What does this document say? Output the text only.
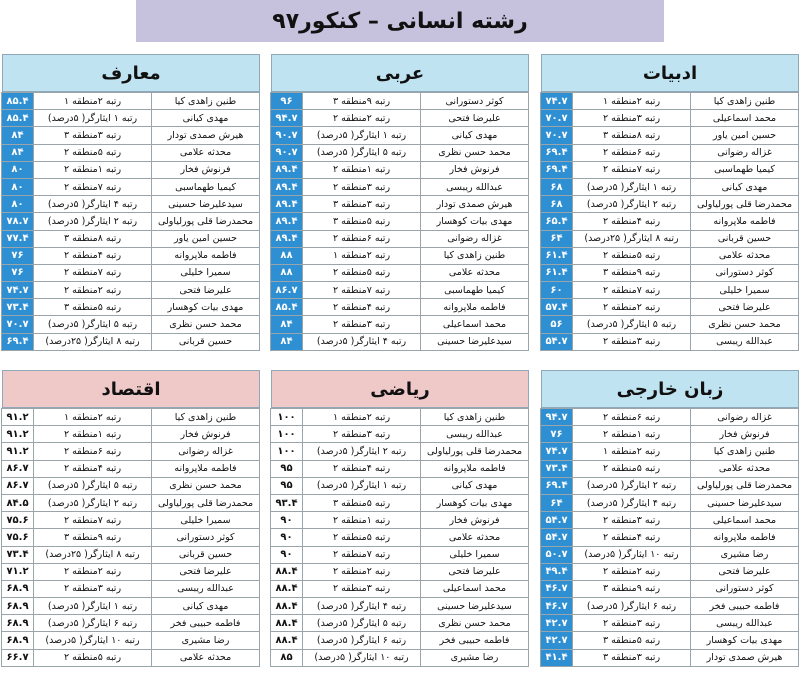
رشته انسانی – کنکور۹۷
ادبیات
طنین زاهدی کیا	رتبه ۲منطقه ۱	۷۴.۷
محمد اسماعیلی	رتبه ۳منطقه ۲	۷۰.۷
حسین امین یاور	رتبه ۸منطقه ۳	۷۰.۷
غزاله رضوانی	رتبه ۶منطقه ۲	۶۹.۴
کیمیا طهماسبی	رتبه ۷منطقه ۲	۶۹.۴
مهدی کیانی	رتبه ۱ ایثارگر( ۵درصد)	۶۸
محمدرضا قلی پورلیاولی	رتبه ۲ ایثارگر( ۵درصد)	۶۸
فاطمه ملاپروانه	رتبه ۴منطقه ۲	۶۵.۴
حسین قربانی	رتبه ۸ ایثارگر( ۲۵درصد)	۶۴
محدثه علامی	رتبه ۵منطقه ۲	۶۱.۴
کوثر دستورانی	رتبه ۹منطقه ۳	۶۱.۴
سمیرا خلیلی	رتبه ۷منطقه ۲	۶۰
علیرضا فتحی	رتبه ۲منطقه ۲	۵۷.۴
محمد حسن نظری	رتبه ۵ ایثارگر( ۵درصد)	۵۶
عبدالله ریبسی	رتبه ۳منطقه ۲	۵۴.۷
عربی
کوثر دستورانی	رتبه ۹منطقه ۳	۹۶
علیرضا فتحی	رتبه ۲منطقه ۲	۹۴.۷
مهدی کیانی	رتبه ۱ ایثارگر( ۵درصد)	۹۰.۷
محمد حسن نظری	رتبه ۵ ایثارگر( ۵درصد)	۹۰.۷
فرنوش فخار	رتبه ۱منطقه ۲	۸۹.۴
عبدالله ریبسی	رتبه ۳منطقه ۲	۸۹.۴
هیرش صمدی تودار	رتبه ۳منطقه ۳	۸۹.۴
مهدی بیات کوهسار	رتبه ۵منطقه ۳	۸۹.۴
غزاله رضوانی	رتبه ۶منطقه ۲	۸۹.۴
طنین زاهدی کیا	رتبه ۲منطقه ۱	۸۸
محدثه علامی	رتبه ۵منطقه ۲	۸۸
کیمیا طهماسبی	رتبه ۷منطقه ۲	۸۶.۷
فاطمه ملاپروانه	رتبه ۴منطقه ۲	۸۵.۴
محمد اسماعیلی	رتبه ۳منطقه ۲	۸۴
سیدعلیرضا حسینی	رتبه ۴ ایثارگر( ۵درصد)	۸۴
معارف
طنین زاهدی کیا	رتبه ۲منطقه ۱	۸۵.۴
مهدی کیانی	رتبه ۱ ایثارگر( ۵درصد)	۸۵.۴
هیرش صمدی تودار	رتبه ۳منطقه ۳	۸۴
محدثه علامی	رتبه ۵منطقه ۲	۸۴
فرنوش فخار	رتبه ۱منطقه ۲	۸۰
کیمیا طهماسبی	رتبه ۷منطقه ۲	۸۰
سیدعلیرضا حسینی	رتبه ۴ ایثارگر( ۵درصد)	۸۰
محمدرضا قلی پورلیاولی	رتبه ۲ ایثارگر( ۵درصد)	۷۸.۷
حسین امین یاور	رتبه ۸منطقه ۳	۷۷.۴
فاطمه ملاپروانه	رتبه ۴منطقه ۲	۷۶
سمیرا خلیلی	رتبه ۷منطقه ۲	۷۶
علیرضا فتحی	رتبه ۲منطقه ۲	۷۴.۷
مهدی بیات کوهسار	رتبه ۵منطقه ۳	۷۳.۴
محمد حسن نظری	رتبه ۵ ایثارگر( ۵درصد)	۷۰.۷
حسین قربانی	رتبه ۸ ایثارگر( ۲۵درصد)	۶۹.۴
زبان خارجی
غزاله رضوانی	رتبه ۶منطقه ۲	۹۴.۷
فرنوش فخار	رتبه ۱منطقه ۲	۷۶
طنین زاهدی کیا	رتبه ۲منطقه ۱	۷۴.۷
محدثه علامی	رتبه ۵منطقه ۲	۷۳.۴
محمدرضا قلی پورلیاولی	رتبه ۲ ایثارگر( ۵درصد)	۶۹.۴
سیدعلیرضا حسینی	رتبه ۴ ایثارگر( ۵درصد)	۶۴
محمد اسماعیلی	رتبه ۳منطقه ۲	۵۴.۷
فاطمه ملاپروانه	رتبه ۴منطقه ۲	۵۴.۷
رضا مشیری	رتبه ۱۰ ایثارگر( ۵درصد)	۵۰.۷
علیرضا فتحی	رتبه ۲منطقه ۲	۴۹.۴
کوثر دستورانی	رتبه ۹منطقه ۳	۴۶.۷
فاطمه حبیبی فخر	رتبه ۶ ایثارگر( ۵درصد)	۴۶.۷
عبدالله ریبسی	رتبه ۳منطقه ۲	۴۲.۷
مهدی بیات کوهسار	رتبه ۵منطقه ۳	۴۲.۷
هیرش صمدی تودار	رتبه ۳منطقه ۳	۴۱.۴
ریاضی
طنین زاهدی کیا	رتبه ۲منطقه ۱	۱۰۰
عبدالله ریبسی	رتبه ۳منطقه ۲	۱۰۰
محمدرضا قلی پورلیاولی	رتبه ۲ ایثارگر( ۵درصد)	۱۰۰
فاطمه ملاپروانه	رتبه ۴منطقه ۲	۹۵
مهدی کیانی	رتبه ۱ ایثارگر( ۵درصد)	۹۵
مهدی بیات کوهسار	رتبه ۵منطقه ۳	۹۳.۴
فرنوش فخار	رتبه ۱منطقه ۲	۹۰
محدثه علامی	رتبه ۵منطقه ۲	۹۰
سمیرا خلیلی	رتبه ۷منطقه ۲	۹۰
علیرضا فتحی	رتبه ۲منطقه ۲	۸۸.۴
محمد اسماعیلی	رتبه ۳منطقه ۲	۸۸.۴
سیدعلیرضا حسینی	رتبه ۴ ایثارگر( ۵درصد)	۸۸.۴
محمد حسن نظری	رتبه ۵ ایثارگر( ۵درصد)	۸۸.۴
فاطمه حبیبی فخر	رتبه ۶ ایثارگر( ۵درصد)	۸۸.۴
رضا مشیری	رتبه ۱۰ ایثارگر( ۵درصد)	۸۵
اقتصاد
طنین زاهدی کیا	رتبه ۲منطقه ۱	۹۱.۲
فرنوش فخار	رتبه ۱منطقه ۲	۹۱.۲
غزاله رضوانی	رتبه ۶منطقه ۲	۹۱.۲
فاطمه ملاپروانه	رتبه ۴منطقه ۲	۸۶.۷
محمد حسن نظری	رتبه ۵ ایثارگر( ۵درصد)	۸۶.۷
محمدرضا قلی پورلیاولی	رتبه ۲ ایثارگر( ۵درصد)	۸۴.۵
سمیرا خلیلی	رتبه ۷منطقه ۲	۷۵.۶
کوثر دستورانی	رتبه ۹منطقه ۳	۷۵.۶
حسین قربانی	رتبه ۸ ایثارگر( ۲۵درصد)	۷۳.۴
علیرضا فتحی	رتبه ۲منطقه ۲	۷۱.۲
عبدالله ریبسی	رتبه ۳منطقه ۲	۶۸.۹
مهدی کیانی	رتبه ۱ ایثارگر( ۵درصد)	۶۸.۹
فاطمه حبیبی فخر	رتبه ۶ ایثارگر( ۵درصد)	۶۸.۹
رضا مشیری	رتبه ۱۰ ایثارگر( ۵درصد)	۶۸.۹
محدثه علامی	رتبه ۵منطقه ۲	۶۶.۷
